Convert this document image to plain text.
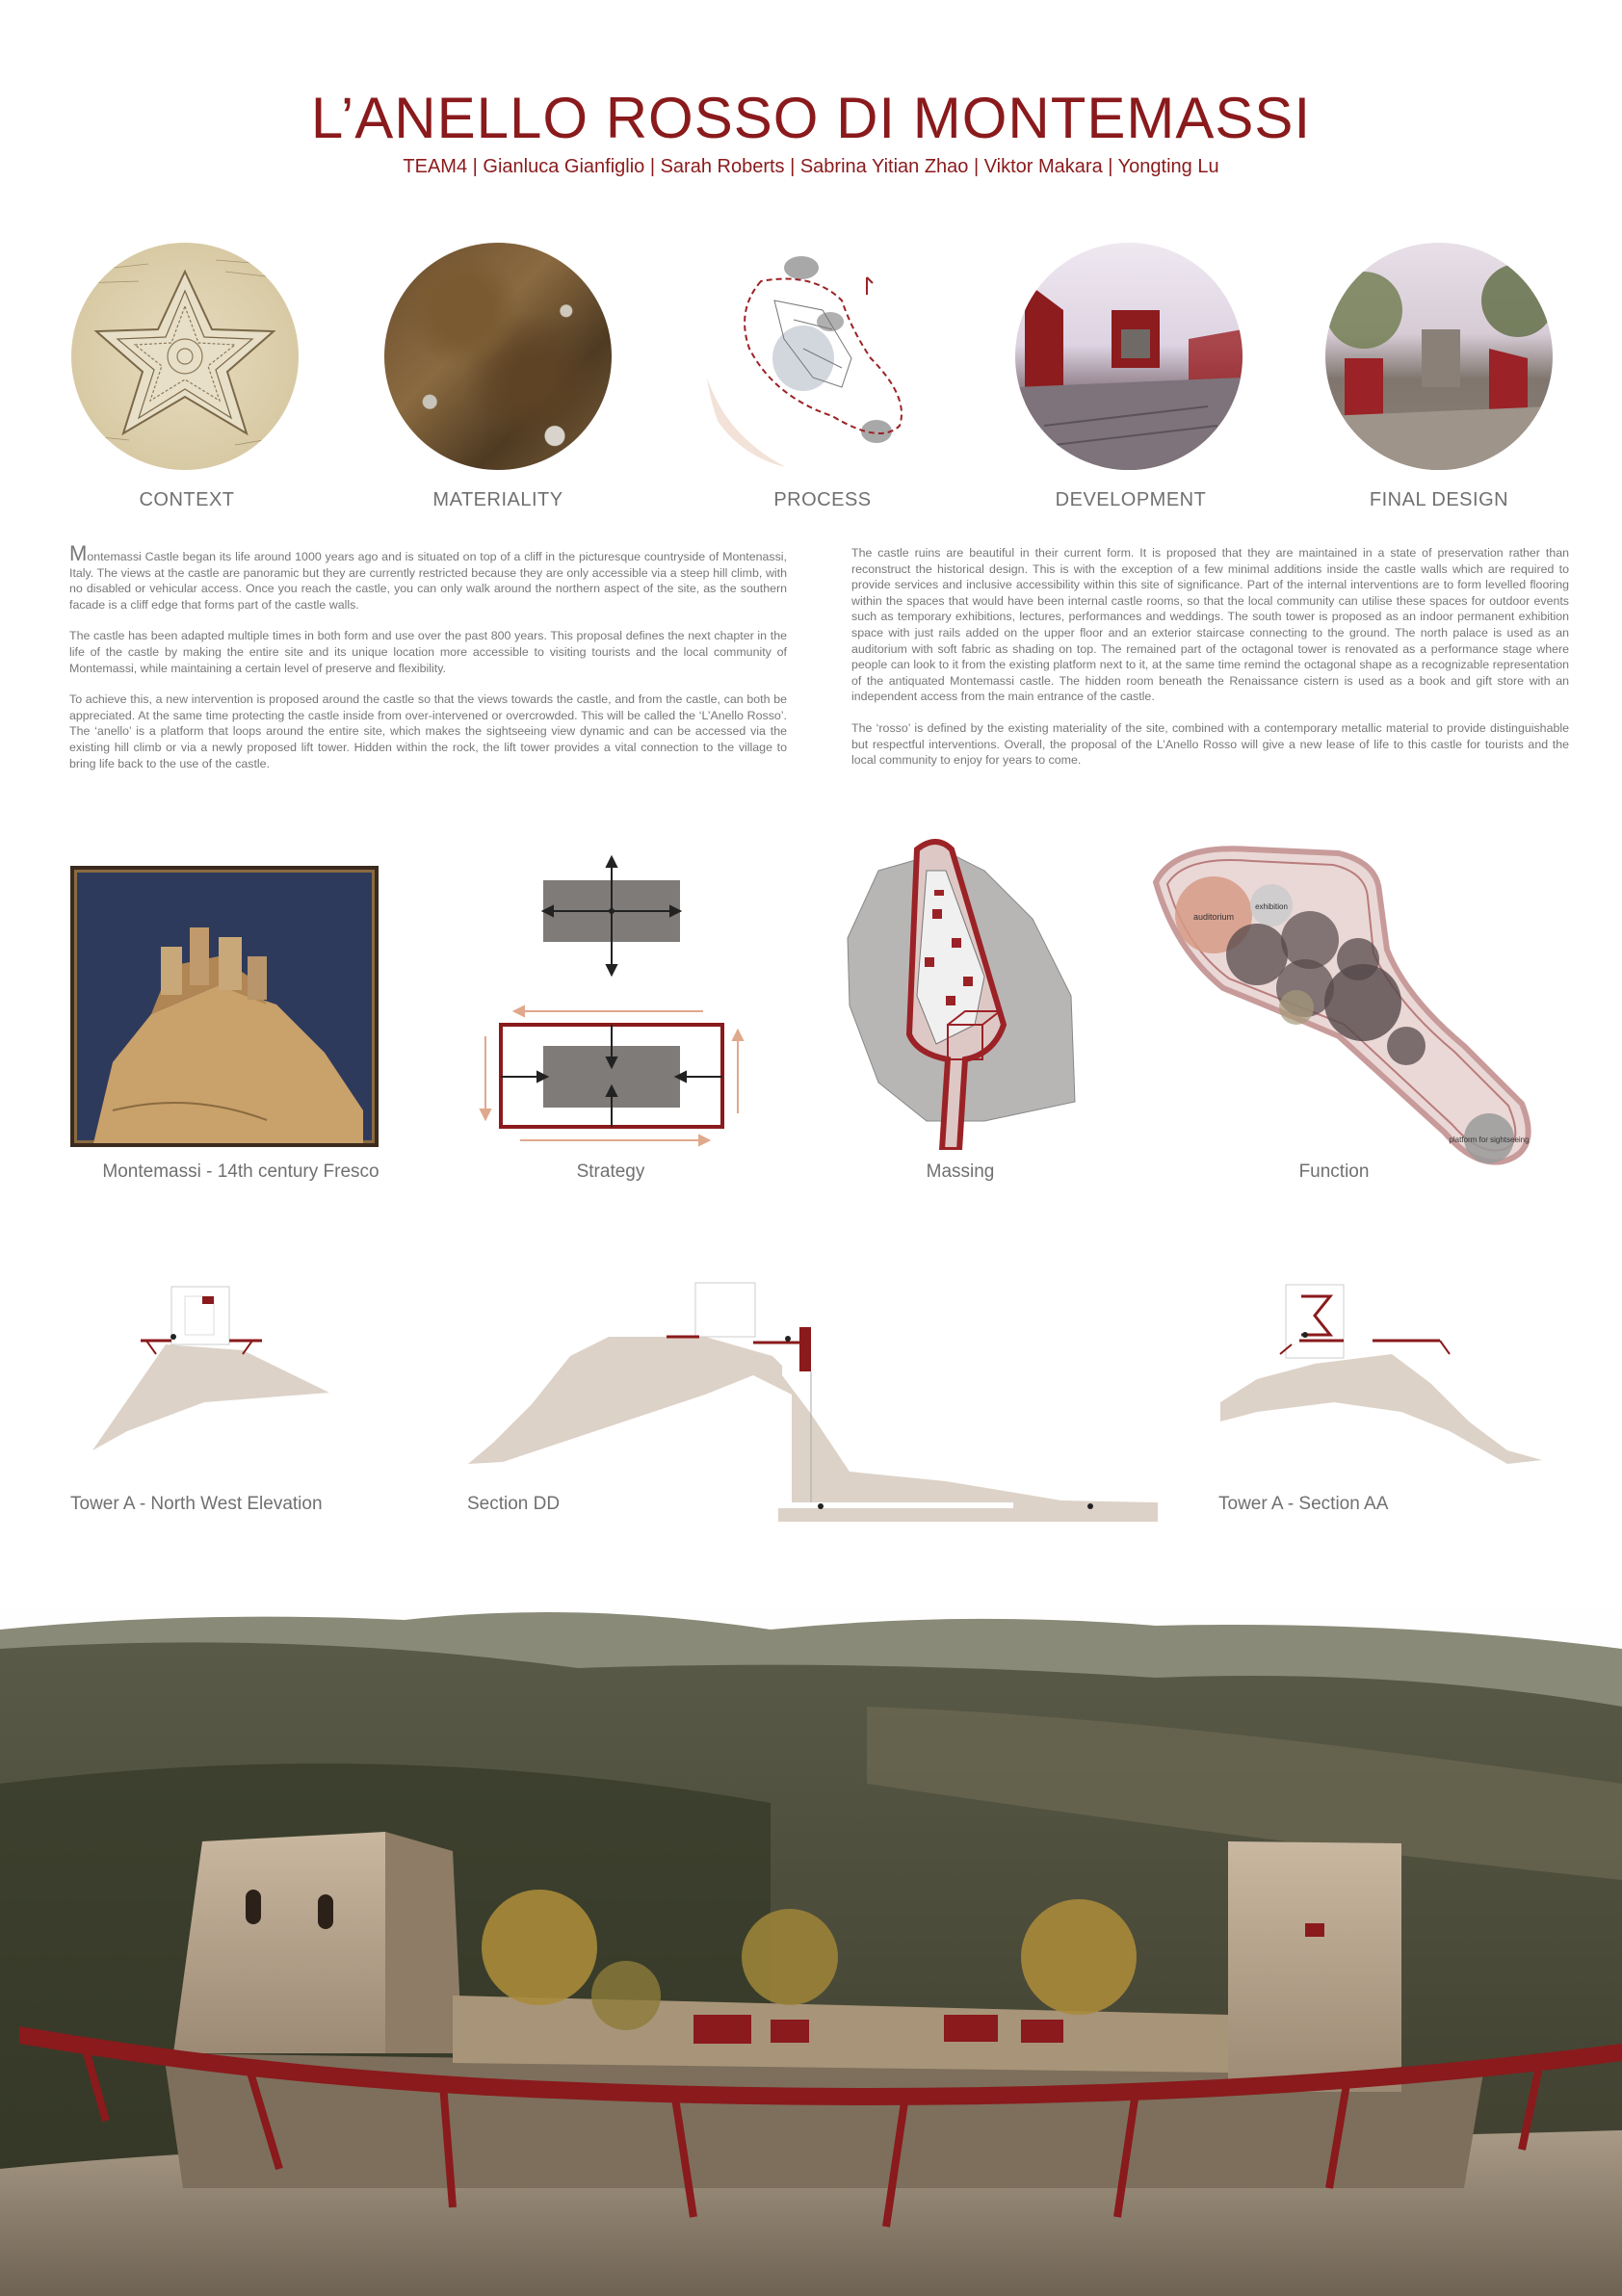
L’ANELLO ROSSO DI MONTEMASSI
TEAM4 | Gianluca Gianfiglio | Sarah Roberts | Sabrina Yitian Zhao | Viktor Makara | Yongting Lu
CONTEXT	MATERIALITY	PROCESS	DEVELOPMENT	FINAL DESIGN

Montemassi Castle began its life around 1000 years ago and is situated on top of a cliff in the picturesque countryside of Montenassi, Italy. The views at the castle are panoramic but they are currently restricted because they are only accessible via a steep hill climb, with no disabled or vehicular access. Once you reach the castle, you can only walk around the northern aspect of the site, as the southern facade is a cliff edge that forms part of the castle walls.

The castle has been adapted multiple times in both form and use over the past 800 years. This proposal defines the next chapter in the life of the castle by making the entire site and its unique location more accessible to visiting tourists and the local community of Montemassi, while maintaining a certain level of preserve and flexibility.

To achieve this, a new intervention is proposed around the castle so that the views towards the castle, and from the castle, can both be appreciated. At the same time protecting the castle inside from over-intervened or overcrowded. This will be called the ‘L’Anello Rosso’. The ‘anello’ is a platform that loops around the entire site, which makes the sightseeing view dynamic and can be accessed via the existing hill climb or via a newly proposed lift tower. Hidden within the rock, the lift tower provides a vital connection to the village to bring life back to the use of the castle.

The castle ruins are beautiful in their current form. It is proposed that they are maintained in a state of preservation rather than reconstruct the historical design. This is with the exception of a few minimal additions inside the castle walls which are required to provide services and inclusive accessibility within this site of significance. Part of the internal interventions are to form levelled flooring within the spaces that would have been internal castle rooms, so that the local community can utilise these spaces for outdoor events such as temporary exhibitions, lectures, performances and weddings. The south tower is proposed as an indoor permanent exhibition space with just rails added on the upper floor and an exterior staircase connecting to the ground. The north palace is used as an auditorium with soft fabric as shading on top. The remained part of the octagonal tower is renovated as a performance stage where people can look to it from the existing platform next to it, at the same time remind the octagonal shape as a recognizable representation of the antiquated Montemassi castle. The hidden room beneath the Renaissance cistern is used as a book and gift store with an independent access from the main entrance of the castle.

The ‘rosso’ is defined by the existing materiality of the site, combined with a contemporary metallic material to provide distinguishable but respectful interventions. Overall, the proposal of the L’Anello Rosso will give a new lease of life to this castle for tourists and the local community to enjoy for years to come.

Montemassi - 14th century Fresco	Strategy	Massing
auditorium
exhibition
platform for sightseeing
Function
Tower A - North West Elevation	Section DD	Tower A - Section AA
